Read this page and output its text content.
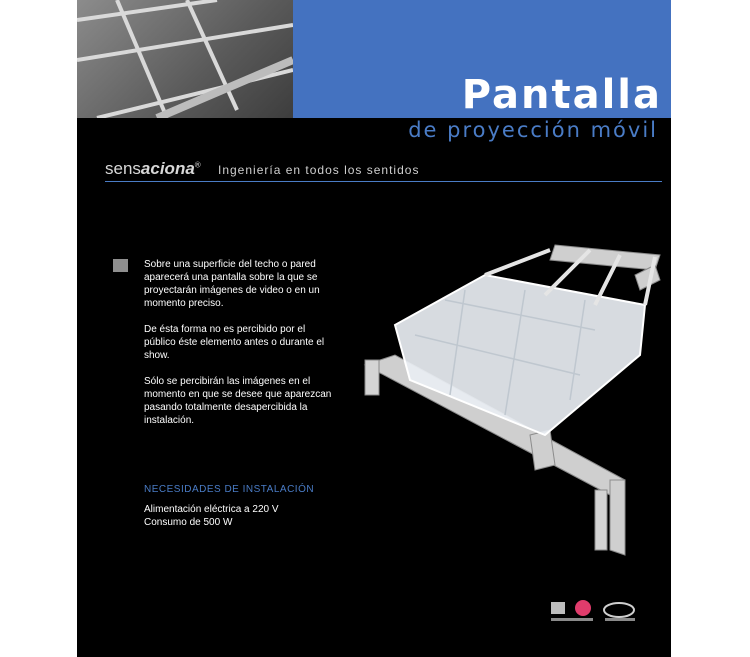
Pantalla
de proyección móvil
sensaciona® Ingeniería en todos los sentidos

Sobre una superficie del techo o pared aparecerá una pantalla sobre la que se proyectarán imágenes de video o en un momento preciso.

De ésta forma no es percibido por el público éste elemento antes o durante el show.

Sólo se percibirán las imágenes en el momento en que se desee que aparezcan pasando totalmente desapercibida la instalación.

NECESIDADES DE INSTALACIÓN
Alimentación eléctrica a 220 V
Consumo de 500 W
